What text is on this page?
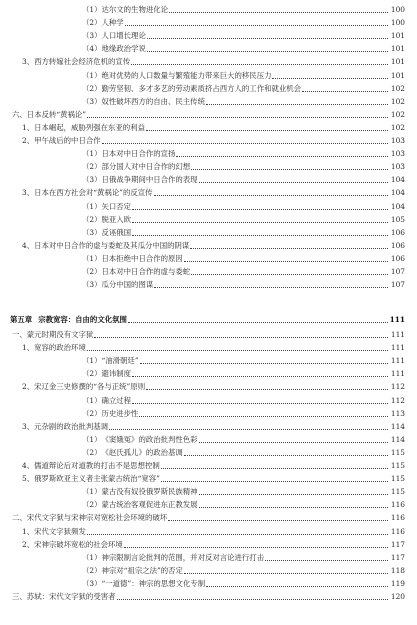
（1） 达尔文的生物进化论	100
（2） 人种学	100
（3） 人口增长理论	101
（4） 地缘政治学说	101
3、 西方转嫁社会经济危机的宣传	101
（1） 绝对优势的人口数量与繁殖能力带来巨大的移民压力	101
（2） 勤劳坚韧、多才多艺的劳动素质挤占西方人的工作和就业机会	102
（3） 奴性破坏西方的自由、民主传统	102
六、 日本反转“黄祸论”	102
1、 日本崛起，威胁列强在东亚的利益	102
2、 甲午战后的中日合作	103
（1） 日本对中日合作的宣扬	103
（2） 部分国人对中日合作的幻想	103
（3） 日俄战争期间中日合作的表现	104
3、 日本在西方社会对“黄祸论”的反宣传	104
（1） 矢口否定	104
（2） 脱亚入欧	105
（3） 反诬俄国	106
4、 日本对中日合作的虚与委蛇及其瓜分中国的阴谋	106
（1） 日本拒绝中日合作的原因	106
（2） 日本对中日合作的虚与委蛇	107
（3） 瓜分中国的图谋	107
第五章 宗教宽容：自由的文化氛围	111
一、 蒙元时期没有文字狱	111
1、 宽容的政治环境	111
（1） “油滑朝廷”	111
（2） 避讳制度	111
2、 宋辽金三史修撰的“各与正统”原则	112
（1） 确立过程	112
（2） 历史进步性	113
3、 元杂剧的政治批判基调	114
（1） 《窦娥冤》的政治批判性色彩	114
（2） 《赵氏孤儿》的政治基调	115
4、 儒道辩论后对道教的打击不是思想控制	115
5、 俄罗斯欧亚主义者主张蒙古统治“宽容”	115
（1） 蒙古没有奴役俄罗斯民族精神	115
（2） 蒙古统治客观促进东正教发展	116
二、 宋代文字狱与宋神宗对宽松社会环境的破坏	116
1、 宋代文字狱频发	116
2、 宋神宗破坏宽松的社会环境	117
（1） 神宗限制言论批判的范围，并对反对言论进行打击	117
（2） 神宗对“祖宗之法”的否定	118
（3） “一道德”：神宗的思想文化专制	119
三、 苏轼：宋代文字狱的受害者	120
